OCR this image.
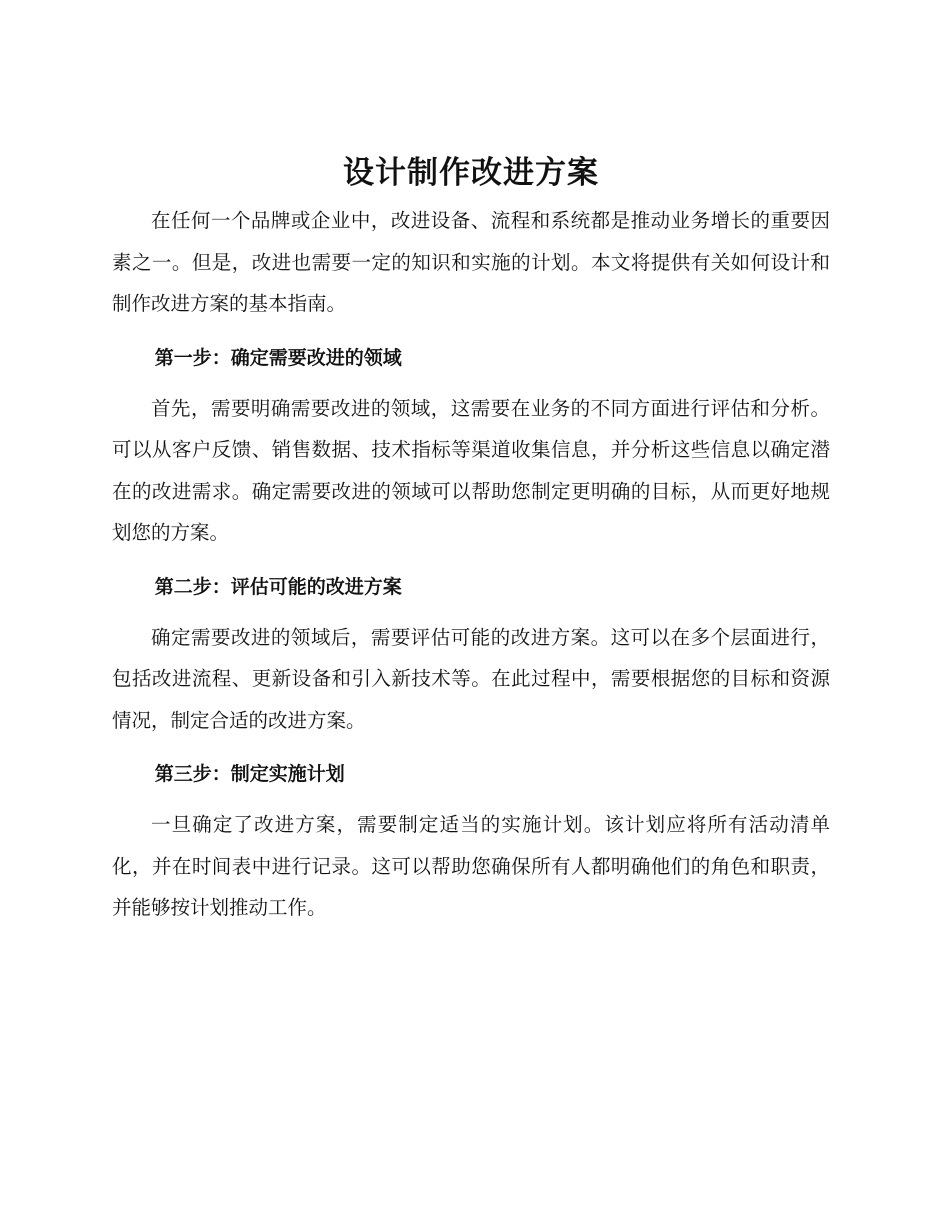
设计制作改进方案

在任何一个品牌或企业中，改进设备、流程和系统都是推动业务增长的重要因素之一。但是，改进也需要一定的知识和实施的计划。本文将提供有关如何设计和制作改进方案的基本指南。

第一步：确定需要改进的领域

首先，需要明确需要改进的领域，这需要在业务的不同方面进行评估和分析。可以从客户反馈、销售数据、技术指标等渠道收集信息，并分析这些信息以确定潜在的改进需求。确定需要改进的领域可以帮助您制定更明确的目标，从而更好地规划您的方案。

第二步：评估可能的改进方案

确定需要改进的领域后，需要评估可能的改进方案。这可以在多个层面进行，包括改进流程、更新设备和引入新技术等。在此过程中，需要根据您的目标和资源情况，制定合适的改进方案。

第三步：制定实施计划

一旦确定了改进方案，需要制定适当的实施计划。该计划应将所有活动清单化，并在时间表中进行记录。这可以帮助您确保所有人都明确他们的角色和职责，并能够按计划推动工作。
